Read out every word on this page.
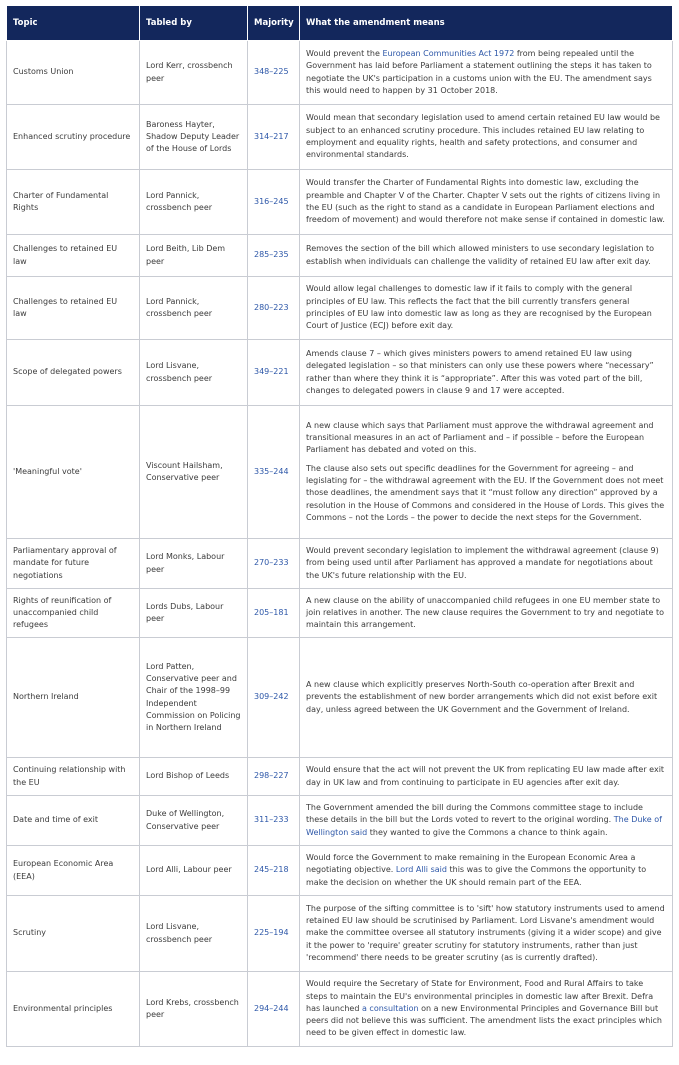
Topic	Tabled by	Majority	What the amendment means
Customs Union	Lord Kerr, crossbench peer	348–225	Would prevent the European Communities Act 1972 from being repealed until the Government has laid before Parliament a statement outlining the steps it has taken to negotiate the UK's participation in a customs union with the EU. The amendment says this would need to happen by 31 October 2018.
Enhanced scrutiny procedure	Baroness Hayter, Shadow Deputy Leader of the House of Lords	314–217	Would mean that secondary legislation used to amend certain retained EU law would be subject to an enhanced scrutiny procedure. This includes retained EU law relating to employment and equality rights, health and safety protections, and consumer and environmental standards.
Charter of Fundamental Rights	Lord Pannick, crossbench peer	316–245	Would transfer the Charter of Fundamental Rights into domestic law, excluding the preamble and Chapter V of the Charter. Chapter V sets out the rights of citizens living in the EU (such as the right to stand as a candidate in European Parliament elections and freedom of movement) and would therefore not make sense if contained in domestic law.
Challenges to retained EU law	Lord Beith, Lib Dem peer	285–235	Removes the section of the bill which allowed ministers to use secondary legislation to establish when individuals can challenge the validity of retained EU law after exit day.
Challenges to retained EU law	Lord Pannick, crossbench peer	280–223	Would allow legal challenges to domestic law if it fails to comply with the general principles of EU law. This reflects the fact that the bill currently transfers general principles of EU law into domestic law as long as they are recognised by the European Court of Justice (ECJ) before exit day.
Scope of delegated powers	Lord Lisvane, crossbench peer	349–221	Amends clause 7 – which gives ministers powers to amend retained EU law using delegated legislation – so that ministers can only use these powers where “necessary” rather than where they think it is “appropriate”. After this was voted part of the bill, changes to delegated powers in clause 9 and 17 were accepted.
'Meaningful vote'	Viscount Hailsham, Conservative peer	335–244	A new clause which says that Parliament must approve the withdrawal agreement and transitional measures in an act of Parliament and – if possible – before the European Parliament has debated and voted on this.
The clause also sets out specific deadlines for the Government for agreeing – and legislating for – the withdrawal agreement with the EU. If the Government does not meet those deadlines, the amendment says that it “must follow any direction” approved by a resolution in the House of Commons and considered in the House of Lords. This gives the Commons – not the Lords – the power to decide the next steps for the Government.

Parliamentary approval of mandate for future negotiations	Lord Monks, Labour peer	270–233	Would prevent secondary legislation to implement the withdrawal agreement (clause 9) from being used until after Parliament has approved a mandate for negotiations about the UK's future relationship with the EU.
Rights of reunification of unaccompanied child refugees	Lords Dubs, Labour peer	205–181	A new clause on the ability of unaccompanied child refugees in one EU member state to join relatives in another. The new clause requires the Government to try and negotiate to maintain this arrangement.
Northern Ireland	Lord Patten, Conservative peer and Chair of the 1998–99 Independent Commission on Policing in Northern Ireland	309–242	A new clause which explicitly preserves North-South co-operation after Brexit and prevents the establishment of new border arrangements which did not exist before exit day, unless agreed between the UK Government and the Government of Ireland.
Continuing relationship with the EU	Lord Bishop of Leeds	298–227	Would ensure that the act will not prevent the UK from replicating EU law made after exit day in UK law and from continuing to participate in EU agencies after exit day.
Date and time of exit	Duke of Wellington, Conservative peer	311–233	The Government amended the bill during the Commons committee stage to include these details in the bill but the Lords voted to revert to the original wording. The Duke of Wellington said they wanted to give the Commons a chance to think again.
European Economic Area (EEA)	Lord Alli, Labour peer	245–218	Would force the Government to make remaining in the European Economic Area a negotiating objective. Lord Alli said this was to give the Commons the opportunity to make the decision on whether the UK should remain part of the EEA.
Scrutiny	Lord Lisvane, crossbench peer	225–194	The purpose of the sifting committee is to 'sift' how statutory instruments used to amend retained EU law should be scrutinised by Parliament. Lord Lisvane's amendment would make the committee oversee all statutory instruments (giving it a wider scope) and give it the power to 'require' greater scrutiny for statutory instruments, rather than just 'recommend' there needs to be greater scrutiny (as is currently drafted).
Environmental principles	Lord Krebs, crossbench peer	294–244	Would require the Secretary of State for Environment, Food and Rural Affairs to take steps to maintain the EU's environmental principles in domestic law after Brexit. Defra has launched a consultation on a new Environmental Principles and Governance Bill but peers did not believe this was sufficient. The amendment lists the exact principles which need to be given effect in domestic law.
